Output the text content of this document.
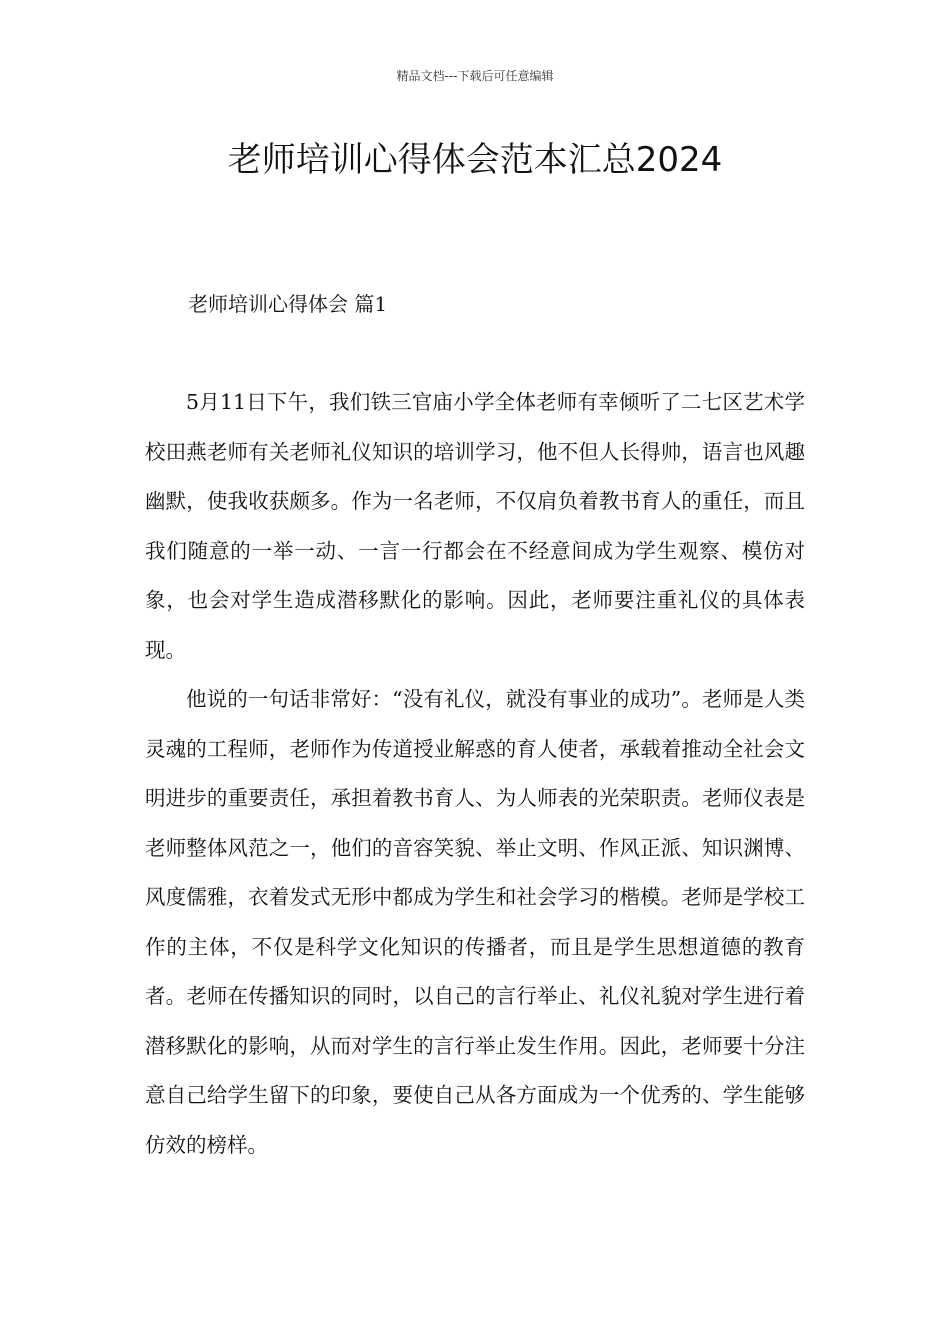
精品文档---下载后可任意编辑
老师培训心得体会范本汇总2024
老师培训心得体会 篇1

5月11日下午，我们铁三官庙小学全体老师有幸倾听了二七区艺术学校田燕老师有关老师礼仪知识的培训学习，他不但人长得帅，语言也风趣幽默，使我收获颇多。作为一名老师，不仅肩负着教书育人的重任，而且我们随意的一举一动、一言一行都会在不经意间成为学生观察、模仿对象，也会对学生造成潜移默化的影响。因此，老师要注重礼仪的具体表现。

他说的一句话非常好：“没有礼仪，就没有事业的成功”。老师是人类灵魂的工程师，老师作为传道授业解惑的育人使者，承载着推动全社会文明进步的重要责任，承担着教书育人、为人师表的光荣职责。老师仪表是老师整体风范之一，他们的音容笑貌、举止文明、作风正派、知识渊博、风度儒雅，衣着发式无形中都成为学生和社会学习的楷模。老师是学校工作的主体，不仅是科学文化知识的传播者，而且是学生思想道德的教育者。老师在传播知识的同时，以自己的言行举止、礼仪礼貌对学生进行着潜移默化的影响，从而对学生的言行举止发生作用。因此，老师要十分注意自己给学生留下的印象，要使自己从各方面成为一个优秀的、学生能够仿效的榜样。
